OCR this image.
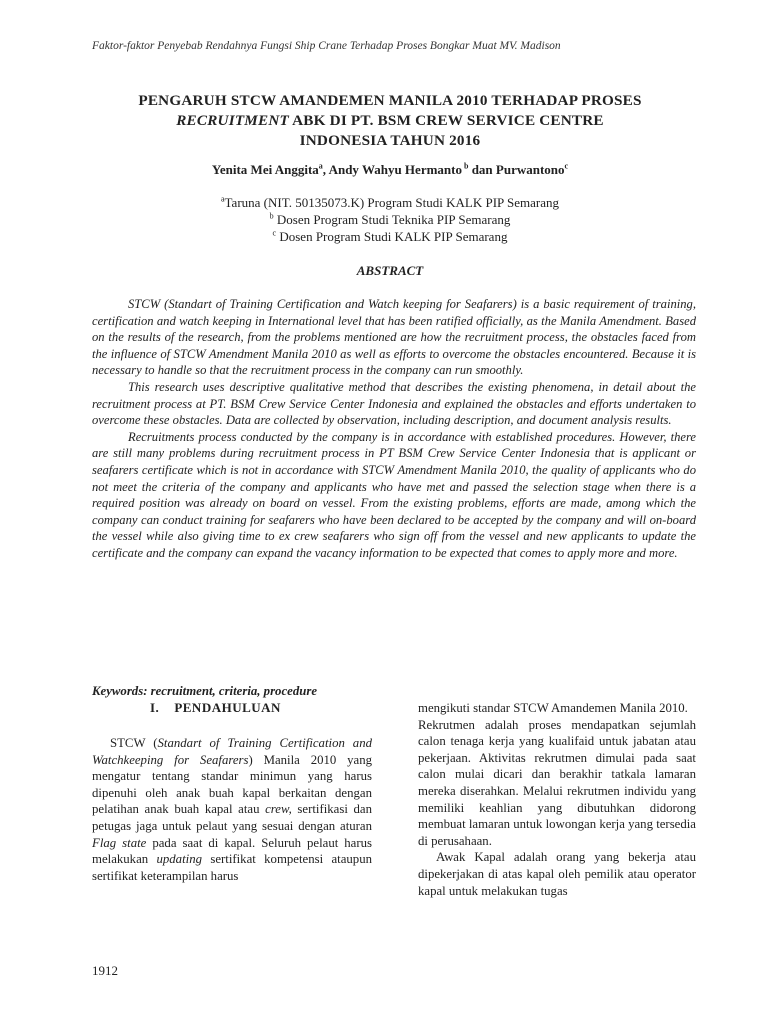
Faktor-faktor Penyebab Rendahnya Fungsi Ship Crane Terhadap Proses Bongkar Muat MV. Madison
PENGARUH STCW AMANDEMEN MANILA 2010 TERHADAP PROSES
RECRUITMENT ABK DI PT. BSM CREW SERVICE CENTRE
INDONESIA TAHUN 2016
Yenita Mei Anggita$^a$, Andy Wahyu Hermanto $^b$ dan Purwantono$^c$
$^a$Taruna (NIT. 50135073.K) Program Studi KALK PIP Semarang
$^b$ Dosen Program Studi Teknika PIP Semarang
$^c$ Dosen Program Studi KALK PIP Semarang
ABSTRACT

STCW (Standart of Training Certification and Watch keeping for Seafarers) is a basic requirement of training, certification and watch keeping in International level that has been ratified officially, as the Manila Amendment. Based on the results of the research, from the problems mentioned are how the recruitment process, the obstacles faced from the influence of STCW Amendment Manila 2010 as well as efforts to overcome the obstacles encountered. Because it is necessary to handle so that the recruitment process in the company can run smoothly.

This research uses descriptive qualitative method that describes the existing phenomena, in detail about the recruitment process at PT. BSM Crew Service Center Indonesia and explained the obstacles and efforts undertaken to overcome these obstacles. Data are collected by observation, including description, and document analysis results.

Recruitments process conducted by the company is in accordance with established procedures. However, there are still many problems during recruitment process in PT BSM Crew Service Center Indonesia that is applicant or seafarers certificate which is not in accordance with STCW Amendment Manila 2010, the quality of applicants who do not meet the criteria of the company and applicants who have met and passed the selection stage when there is a required position was already on board on vessel. From the existing problems, efforts are made, among which the company can conduct training for seafarers who have been declared to be accepted by the company and will on-board the vessel while also giving time to ex crew seafarers who sign off from the vessel and new applicants to update the certificate and the company can expand the vacancy information to be expected that comes to apply more and more.

Keywords: recruitment, criteria, procedure
I. PENDAHULUAN

STCW (Standart of Training Certification and Watchkeeping for Seafarers) Manila 2010 yang mengatur tentang standar minimun yang harus dipenuhi oleh anak buah kapal berkaitan dengan pelatihan anak buah kapal atau crew, sertifikasi dan petugas jaga untuk pelaut yang sesuai dengan aturan Flag state pada saat di kapal. Seluruh pelaut harus melakukan updating sertifikat kompetensi ataupun sertifikat keterampilan harus

mengikuti standar STCW Amandemen Manila 2010.

Rekrutmen adalah proses mendapatkan sejumlah calon tenaga kerja yang kualifaid untuk jabatan atau pekerjaan. Aktivitas rekrutmen dimulai pada saat calon mulai dicari dan berakhir tatkala lamaran mereka diserahkan. Melalui rekrutmen individu yang memiliki keahlian yang dibutuhkan didorong membuat lamaran untuk lowongan kerja yang tersedia di perusahaan.

Awak Kapal adalah orang yang bekerja atau dipekerjakan di atas kapal oleh pemilik atau operator kapal untuk melakukan tugas

1912
